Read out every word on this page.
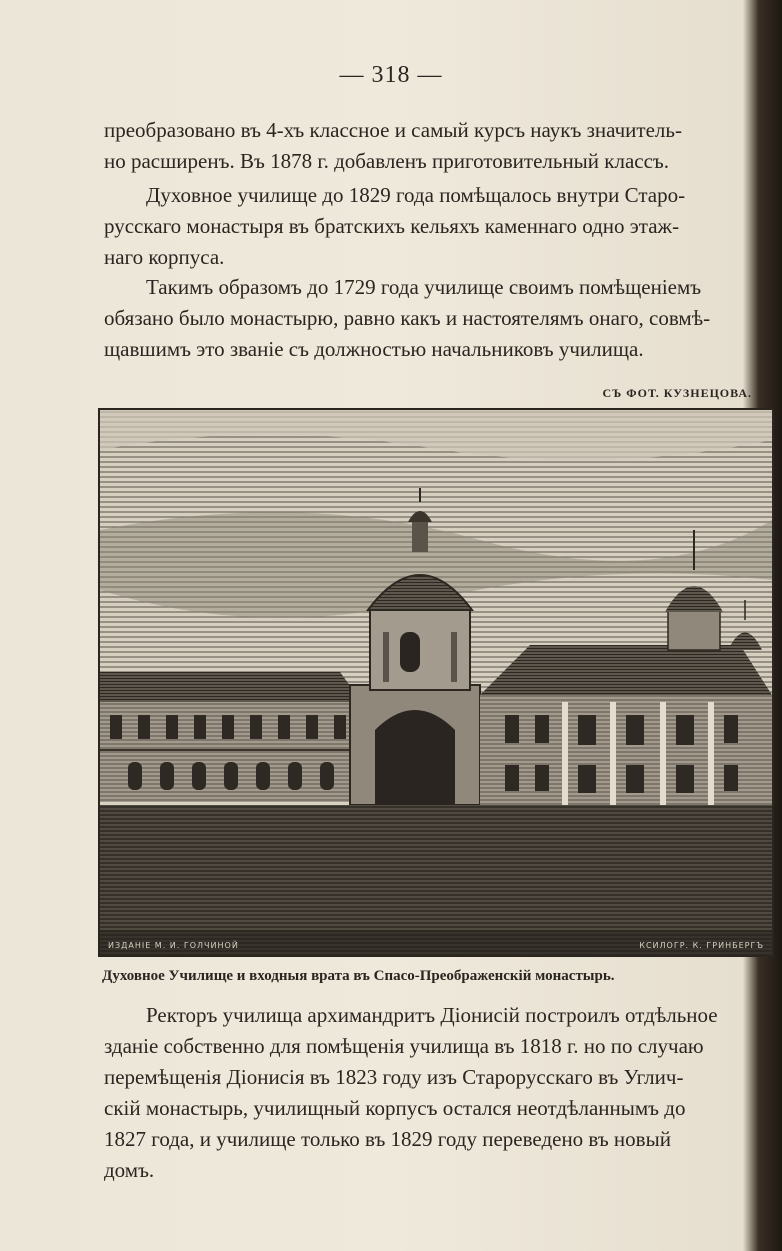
— 318 —
преобразовано въ 4-хъ классное и самый курсъ наукъ значитель-
но расширенъ. Въ 1878 г. добавленъ приготовительный классъ.
Духовное училище до 1829 года помѣщалось внутри Старо-
русскаго монастыря въ братскихъ кельяхъ каменнаго одно этаж-
наго корпуса.
Такимъ образомъ до 1729 года училище своимъ помѣщеніемъ
обязано было монастырю, равно какъ и настоятелямъ онаго, совмѣ-
щавшимъ это званіе съ должностью начальниковъ училища.
СЪ ФОТ. КУЗНЕЦОВА.
ИЗДАНІЕ М. И. ГОЛЧИНОЙ	КСИЛОГР. К. ГРИНБЕРГЪ
Духовное Училище и входныя врата въ Спасо-Преображенскій монастырь.
Ректоръ училища архимандритъ Діонисій построилъ отдѣльное
зданіе собственно для помѣщенія училища въ 1818 г. но по случаю
перемѣщенія Діонисія въ 1823 году изъ Старорусскаго въ Углич-
скій монастырь, училищный корпусъ остался неотдѣланнымъ до
1827 года, и училище только въ 1829 году переведено въ новый
домъ.
